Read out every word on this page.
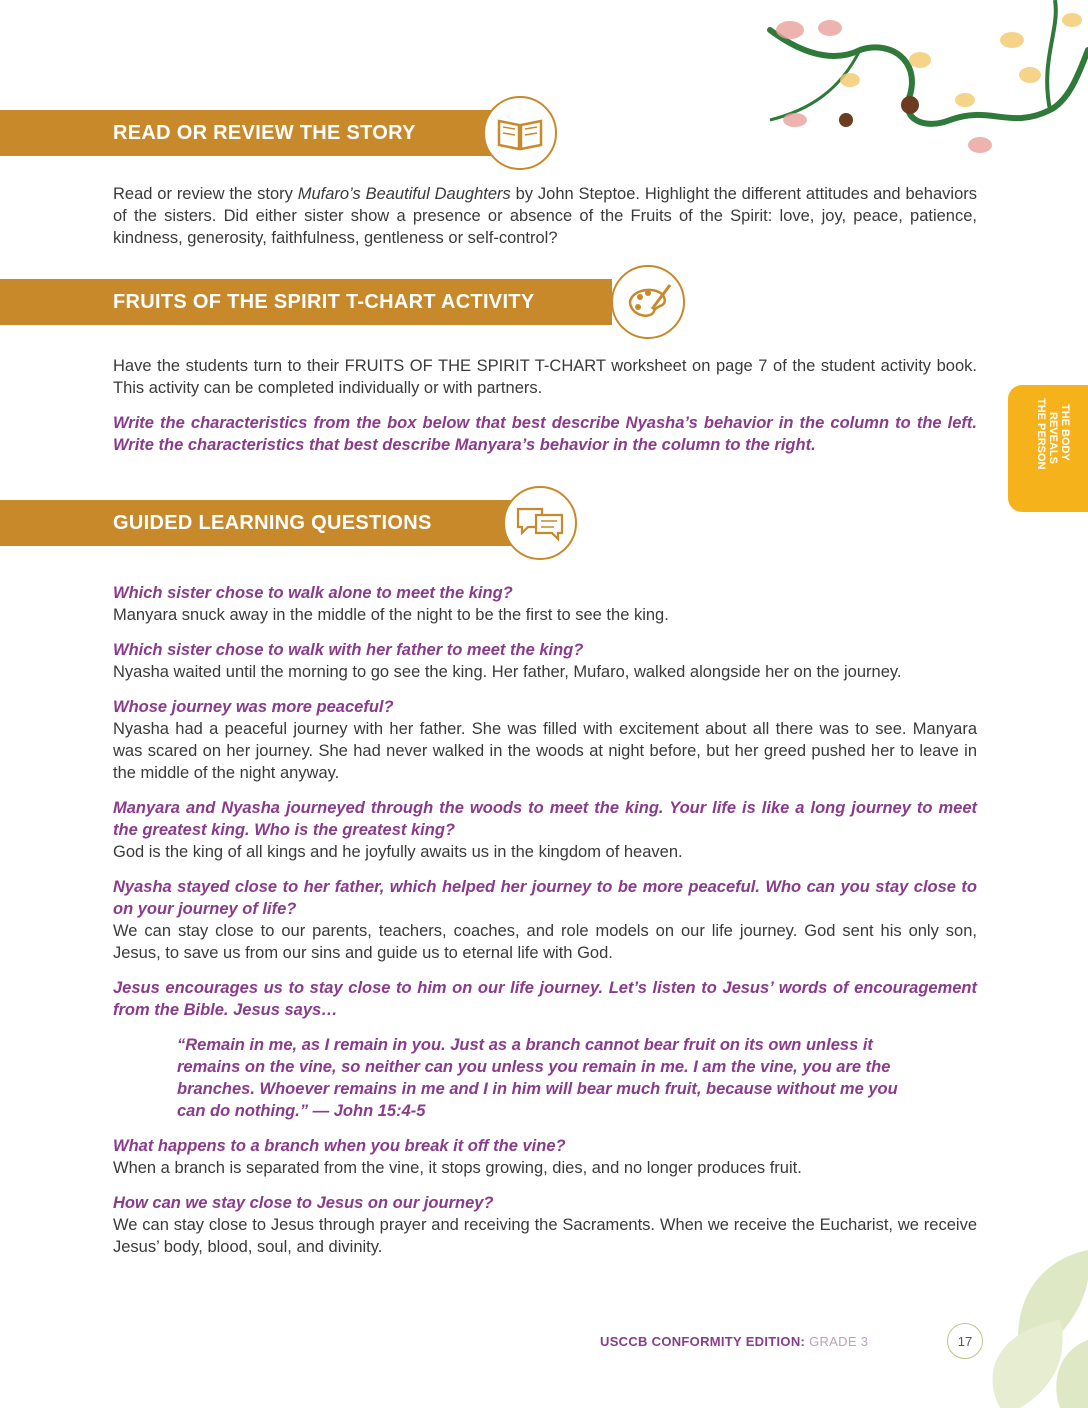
READ OR REVIEW THE STORY

Read or review the story Mufaro’s Beautiful Daughters by John Steptoe. Highlight the different attitudes and behaviors of the sisters. Did either sister show a presence or absence of the Fruits of the Spirit: love, joy, peace, patience, kindness, generosity, faithfulness, gentleness or self-control?

FRUITS OF THE SPIRIT T-CHART ACTIVITY

Have the students turn to their FRUITS OF THE SPIRIT T-CHART worksheet on page 7 of the student activity book. This activity can be completed individually or with partners.

Write the characteristics from the box below that best describe Nyasha’s behavior in the column to the left. Write the characteristics that best describe Manyara’s behavior in the column to the right.

GUIDED LEARNING QUESTIONS

Which sister chose to walk alone to meet the king?

Manyara snuck away in the middle of the night to be the first to see the king.

Which sister chose to walk with her father to meet the king?

Nyasha waited until the morning to go see the king. Her father, Mufaro, walked alongside her on the journey.

Whose journey was more peaceful?

Nyasha had a peaceful journey with her father. She was filled with excitement about all there was to see. Manyara was scared on her journey. She had never walked in the woods at night before, but her greed pushed her to leave in the middle of the night anyway.

Manyara and Nyasha journeyed through the woods to meet the king. Your life is like a long journey to meet the greatest king. Who is the greatest king?

God is the king of all kings and he joyfully awaits us in the kingdom of heaven.

Nyasha stayed close to her father, which helped her journey to be more peaceful. Who can you stay close to on your journey of life?

We can stay close to our parents, teachers, coaches, and role models on our life journey. God sent his only son, Jesus, to save us from our sins and guide us to eternal life with God.

Jesus encourages us to stay close to him on our life journey. Let’s listen to Jesus’ words of encouragement from the Bible. Jesus says…

“Remain in me, as I remain in you. Just as a branch cannot bear fruit on its own unless it remains on the vine, so neither can you unless you remain in me. I am the vine, you are the branches. Whoever remains in me and I in him will bear much fruit, because without me you can do nothing.” — John 15:4-5

What happens to a branch when you break it off the vine?

When a branch is separated from the vine, it stops growing, dies, and no longer produces fruit.

How can we stay close to Jesus on our journey?

We can stay close to Jesus through prayer and receiving the Sacraments. When we receive the Eucharist, we receive Jesus’ body, blood, soul, and divinity.

THE BODY
REVEALS
THE PERSON
USCCB CONFORMITY EDITION: GRADE 3	17
